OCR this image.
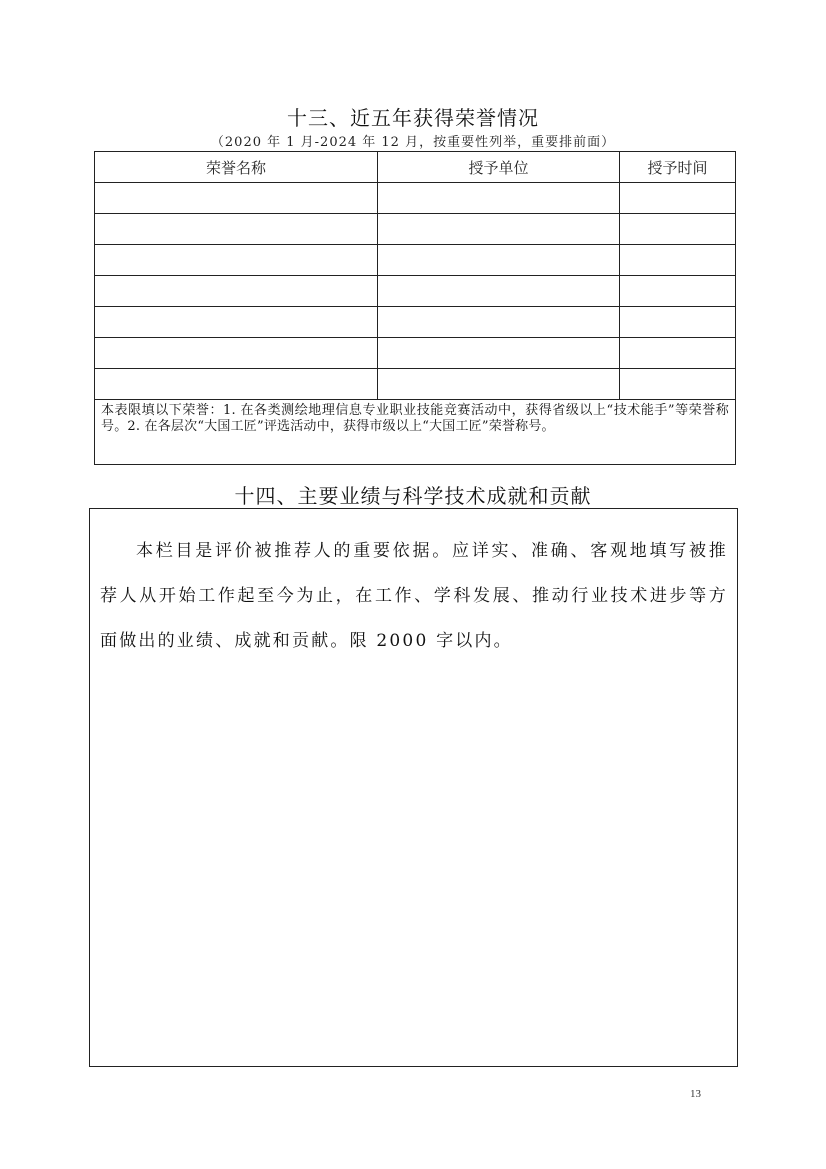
十三、近五年获得荣誉情况
（2020 年 1 月-2024 年 12 月，按重要性列举，重要排前面）
荣誉名称	授予单位	授予时间

本表限填以下荣誉：1. 在各类测绘地理信息专业职业技能竞赛活动中，获得省级以上“技术能手”等荣誉称号。2. 在各层次“大国工匠”评选活动中，获得市级以上“大国工匠”荣誉称号。		
十四、主要业绩与科学技术成就和贡献

本栏目是评价被推荐人的重要依据。应详实、准确、客观地填写被推荐人从开始工作起至今为止，在工作、学科发展、推动行业技术进步等方面做出的业绩、成就和贡献。限 2000 字以内。

13
